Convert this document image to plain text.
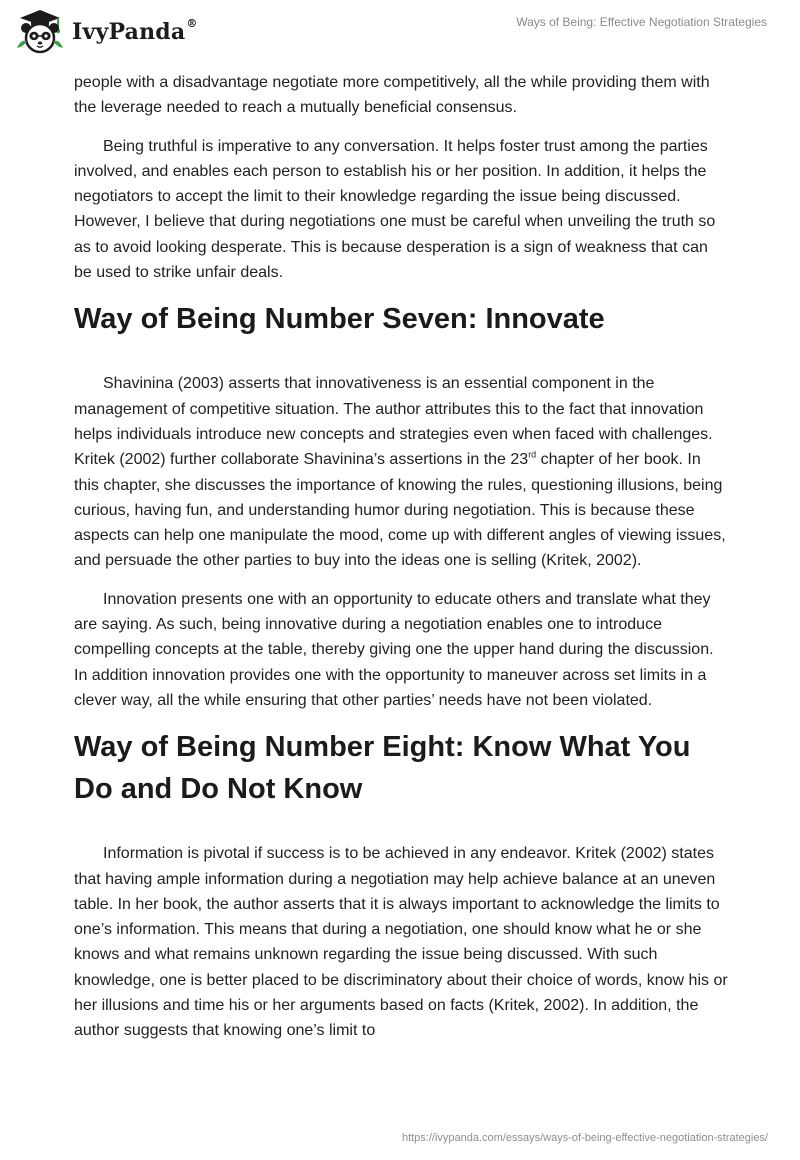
IvyPanda®	Ways of Being: Effective Negotiation Strategies

people with a disadvantage negotiate more competitively, all the while providing them with the leverage needed to reach a mutually beneficial consensus.

Being truthful is imperative to any conversation. It helps foster trust among the parties involved, and enables each person to establish his or her position. In addition, it helps the negotiators to accept the limit to their knowledge regarding the issue being discussed. However, I believe that during negotiations one must be careful when unveiling the truth so as to avoid looking desperate. This is because desperation is a sign of weakness that can be used to strike unfair deals.

Way of Being Number Seven: Innovate

Shavinina (2003) asserts that innovativeness is an essential component in the management of competitive situation. The author attributes this to the fact that innovation helps individuals introduce new concepts and strategies even when faced with challenges. Kritek (2002) further collaborate Shavinina’s assertions in the 23rd chapter of her book. In this chapter, she discusses the importance of knowing the rules, questioning illusions, being curious, having fun, and understanding humor during negotiation. This is because these aspects can help one manipulate the mood, come up with different angles of viewing issues, and persuade the other parties to buy into the ideas one is selling (Kritek, 2002).

Innovation presents one with an opportunity to educate others and translate what they are saying. As such, being innovative during a negotiation enables one to introduce compelling concepts at the table, thereby giving one the upper hand during the discussion. In addition innovation provides one with the opportunity to maneuver across set limits in a clever way, all the while ensuring that other parties’ needs have not been violated.

Way of Being Number Eight: Know What You Do and Do Not Know

Information is pivotal if success is to be achieved in any endeavor. Kritek (2002) states that having ample information during a negotiation may help achieve balance at an uneven table. In her book, the author asserts that it is always important to acknowledge the limits to one’s information. This means that during a negotiation, one should know what he or she knows and what remains unknown regarding the issue being discussed. With such knowledge, one is better placed to be discriminatory about their choice of words, know his or her illusions and time his or her arguments based on facts (Kritek, 2002). In addition, the author suggests that knowing one’s limit to

https://ivypanda.com/essays/ways-of-being-effective-negotiation-strategies/
